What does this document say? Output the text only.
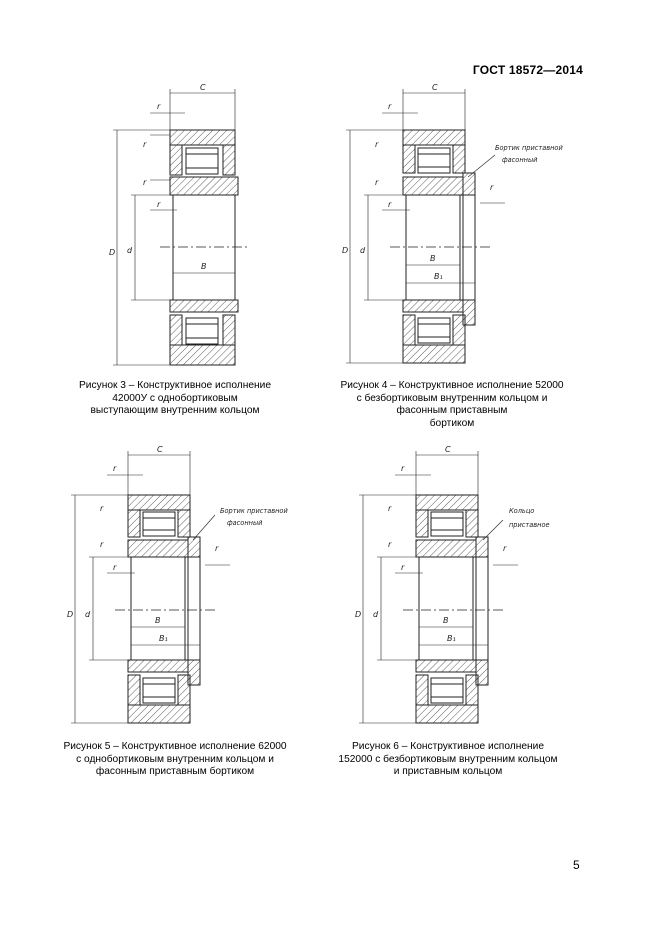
ГОСТ 18572—2014
C
r
r
r
r
D d
B
Рисунок 3 – Конструктивное исполнение
42000У с однобортиковым
выступающим внутренним кольцом
C
r
r
r
r
r
D d
B
B₁
Бортик приставной
фасонный
Рисунок 4 – Конструктивное исполнение 52000
с безбортиковым внутренним кольцом и
фасонным приставным
бортиком
C
r
r
r
r
r
D d
B
B₁
Бортик приставной
фасонный
Рисунок 5 – Конструктивное исполнение 62000
с однобортиковым внутренним кольцом и
фасонным приставным бортиком
C
r
r
r
r
r
D d
B
B₁
Кольцо
приставное
Рисунок 6 – Конструктивное исполнение
152000 с безбортиковым внутренним кольцом
и приставным кольцом
5
